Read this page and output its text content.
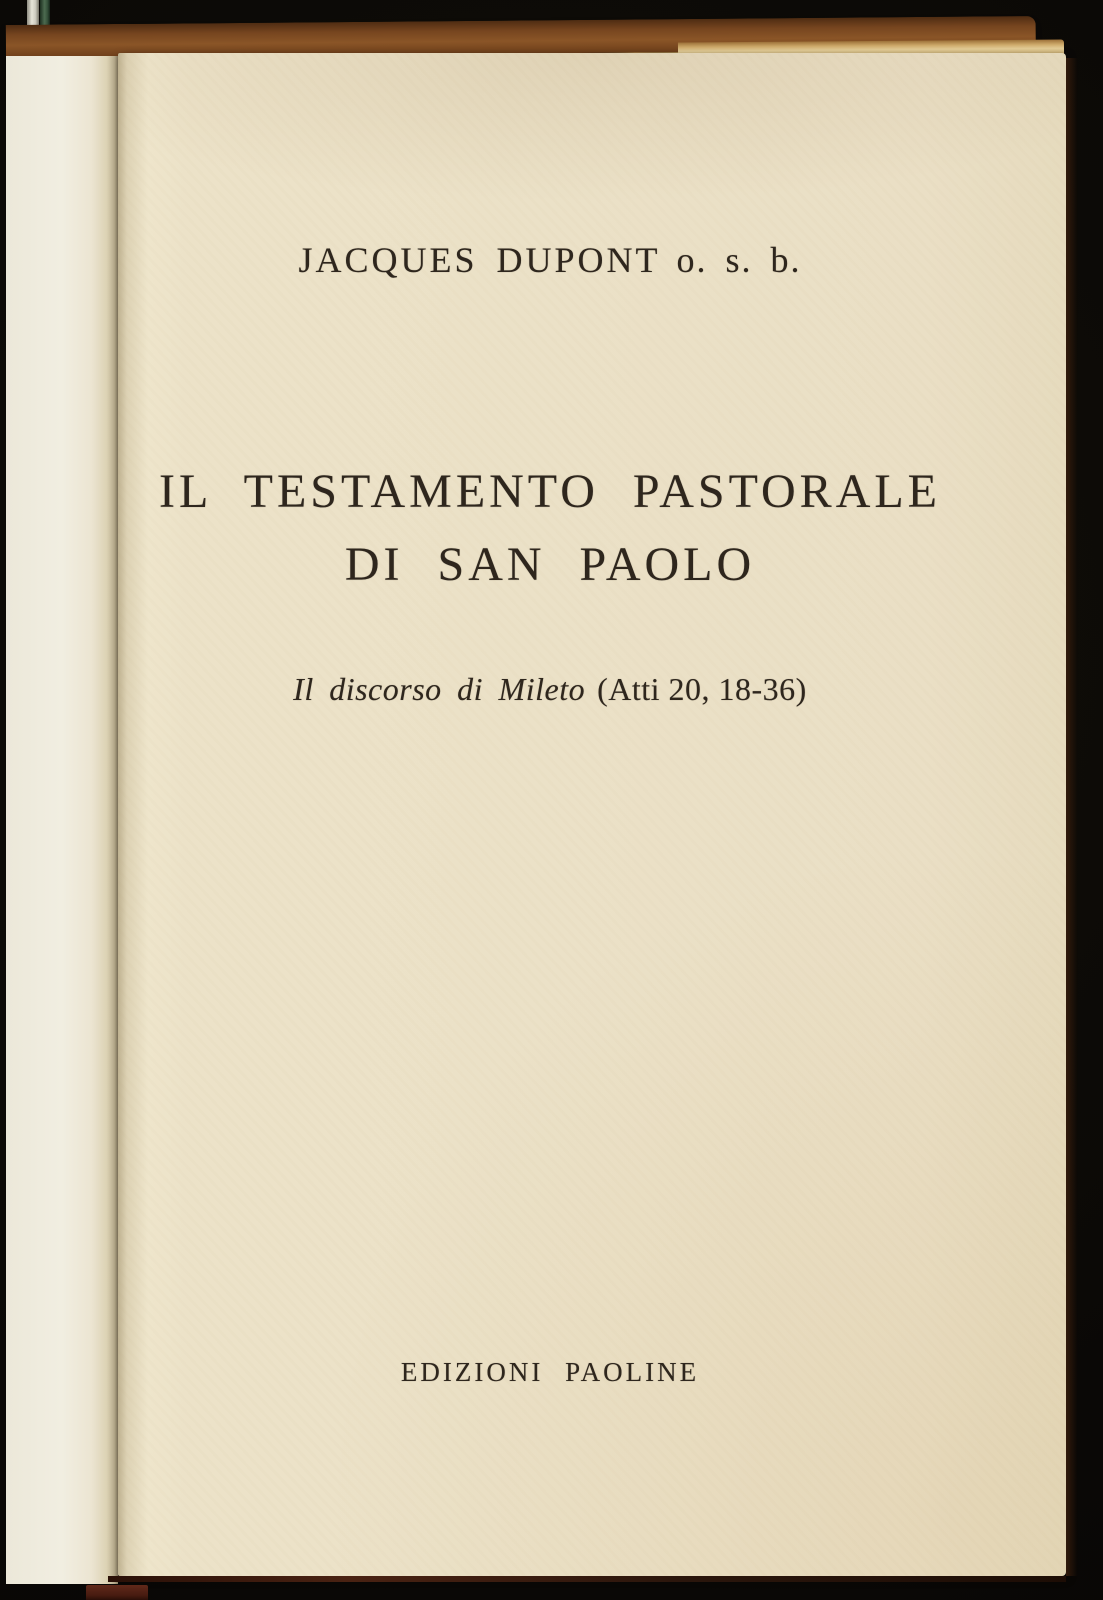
JACQUES DUPONT o. s. b.
IL TESTAMENTO PASTORALE
DI SAN PAOLO
Il discorso di Mileto (Atti 20, 18-36)
EDIZIONI PAOLINE
